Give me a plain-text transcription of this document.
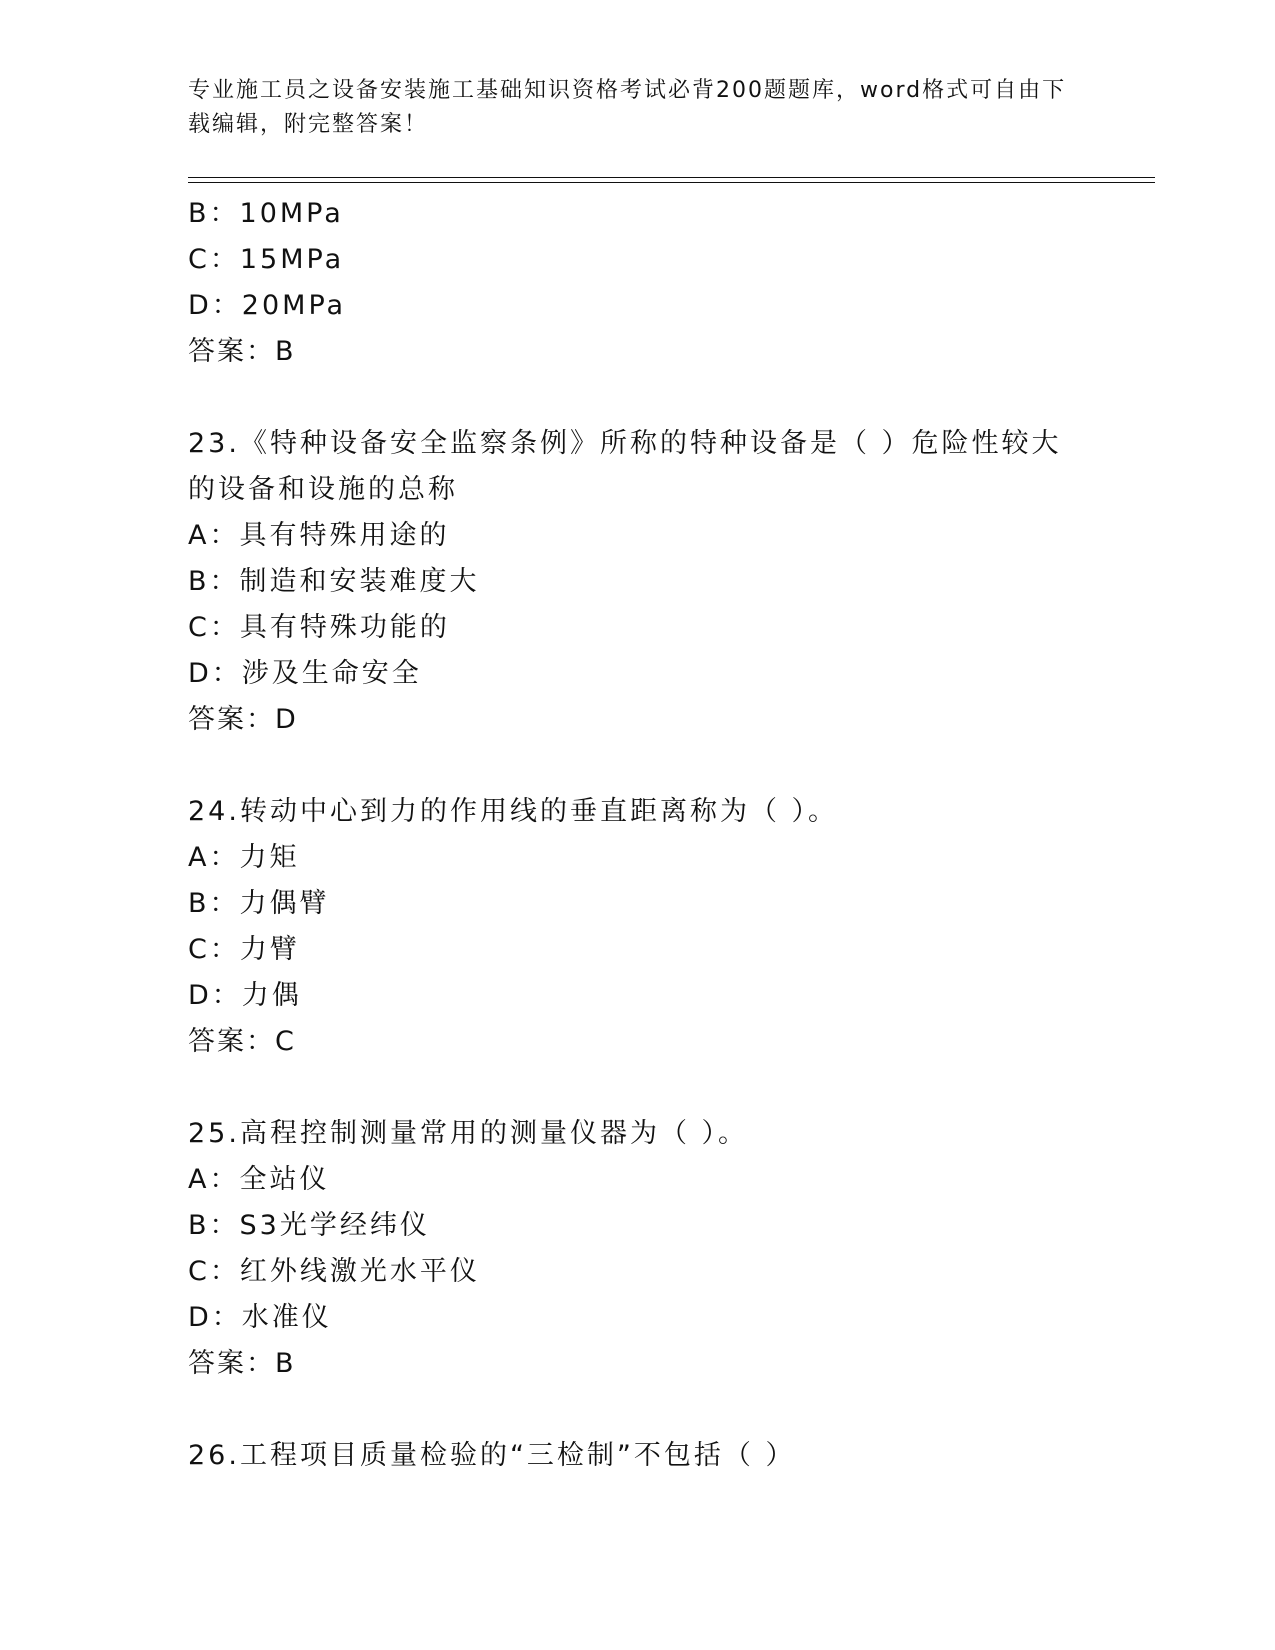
专业施工员之设备安装施工基础知识资格考试必背200题题库，word格式可自由下载编辑，附完整答案！
B：10MPa
C：15MPa
D：20MPa
答案：B
23.《特种设备安全监察条例》所称的特种设备是（ ）危险性较大的设备和设施的总称
A：具有特殊用途的
B：制造和安装难度大
C：具有特殊功能的
D：涉及生命安全
答案：D
24.转动中心到力的作用线的垂直距离称为（ ）。
A：力矩
B：力偶臂
C：力臂
D：力偶
答案：C
25.高程控制测量常用的测量仪器为（ ）。
A：全站仪
B：S3光学经纬仪
C：红外线激光水平仪
D：水准仪
答案：B
26.工程项目质量检验的“三检制”不包括（ ）
